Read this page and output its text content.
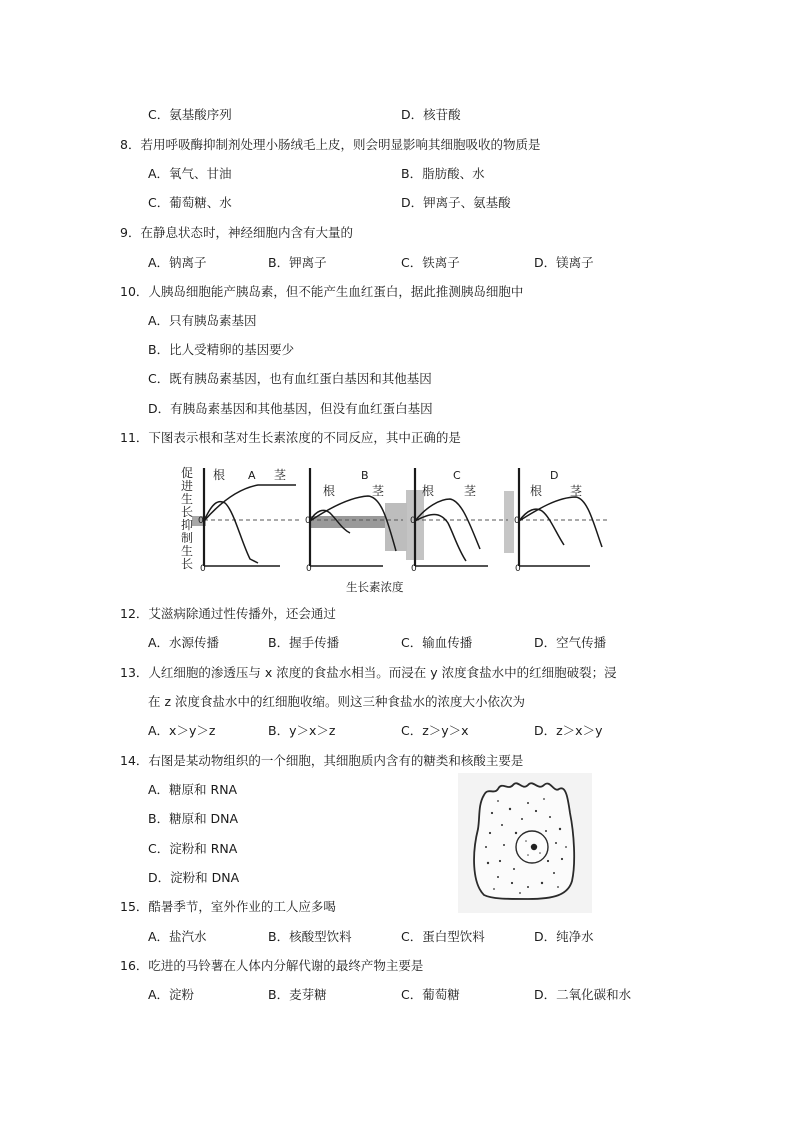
C．氨基酸序列	D．核苷酸
8．若用呼吸酶抑制剂处理小肠绒毛上皮，则会明显影响其细胞吸收的物质是
A．氧气、甘油	B．脂肪酸、水
C．葡萄糖、水	D．钾离子、氨基酸
9．在静息状态时，神经细胞内含有大量的
A．钠离子	B．钾离子	C．铁离子	D．镁离子
10．人胰岛细胞能产胰岛素，但不能产生血红蛋白，据此推测胰岛细胞中
A．只有胰岛素基因
B．比人受精卵的基因要少
C．既有胰岛素基因，也有血红蛋白基因和其他基因
D．有胰岛素基因和其他基因，但没有血红蛋白基因
11．下图表示根和茎对生长素浓度的不同反应，其中正确的是
促
进
生
长
抑
制
生
长
0
0
根 A 茎
0
0
B
根	茎
0
0
C
根 茎
0
0
D
根 茎
生长素浓度
12．艾滋病除通过性传播外，还会通过
A．水源传播	B．握手传播	C．输血传播	D．空气传播
13．人红细胞的渗透压与 x 浓度的食盐水相当。而浸在 y 浓度食盐水中的红细胞破裂；浸
在 z 浓度食盐水中的红细胞收缩。则这三种食盐水的浓度大小依次为
A．x＞y＞z	B．y＞x＞z	C．z＞y＞x	D．z＞x＞y
14．右图是某动物组织的一个细胞，其细胞质内含有的糖类和核酸主要是
A．糖原和 RNA
B．糖原和 DNA
C．淀粉和 RNA
D．淀粉和 DNA
15．酷暑季节，室外作业的工人应多喝
A．盐汽水	B．核酸型饮料	C．蛋白型饮料	D．纯净水
16．吃进的马铃薯在人体内分解代谢的最终产物主要是
A．淀粉	B．麦芽糖	C．葡萄糖	D．二氧化碳和水
